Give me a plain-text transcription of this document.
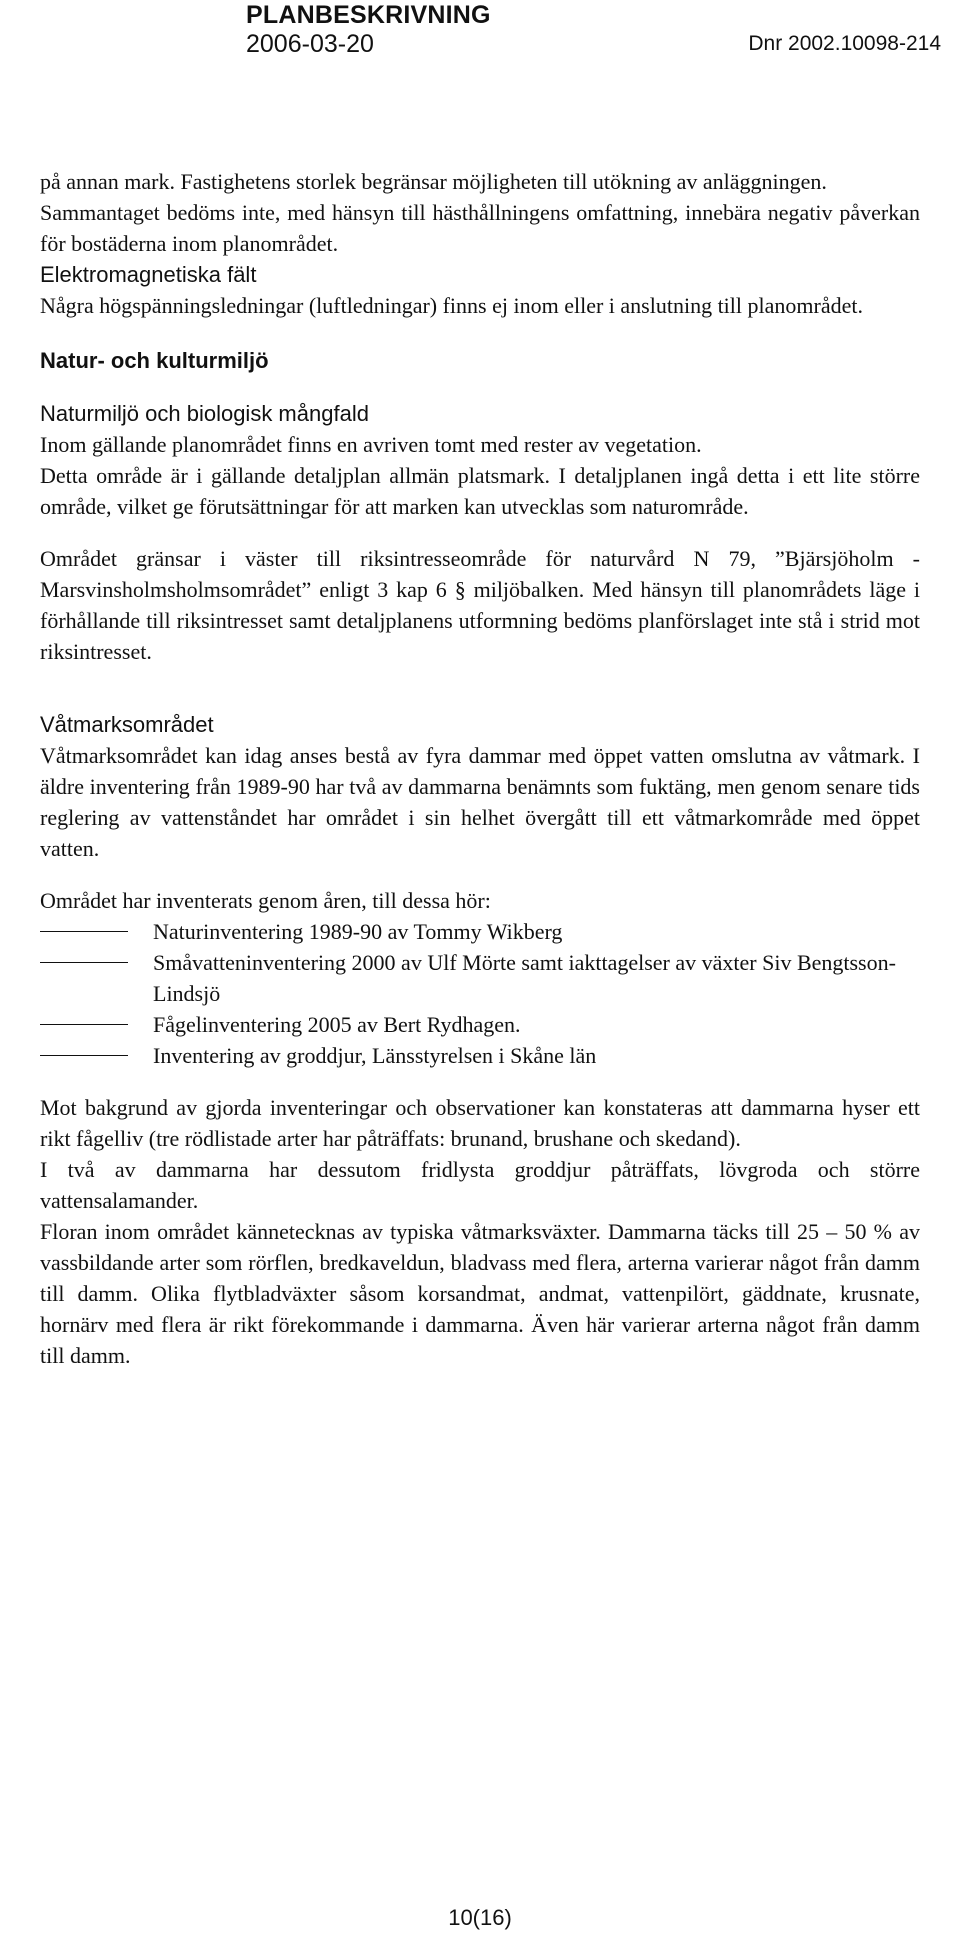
PLANBESKRIVNING
2006-03-20	Dnr 2002.10098-214

på annan mark. Fastighetens storlek begränsar möjligheten till utökning av anläggningen.

Sammantaget bedöms inte, med hänsyn till hästhållningens omfattning, innebära negativ påverkan för bostäderna inom planområdet.

Elektromagnetiska fält

Några högspänningsledningar (luftledningar) finns ej inom eller i anslutning till planområdet.

Natur- och kulturmiljö

Naturmiljö och biologisk mångfald

Inom gällande planområdet finns en avriven tomt med rester av vegetation.

Detta område är i gällande detaljplan allmän platsmark. I detaljplanen ingå detta i ett lite större område, vilket ge förutsättningar för att marken kan utvecklas som naturområde.

Området gränsar i väster till riksintresseområde för naturvård N 79, ”Bjärsjöholm - Marsvinsholmsholmsområdet” enligt 3 kap 6 § miljöbalken. Med hänsyn till planområdets läge i förhållande till riksintresset samt detaljplanens utformning bedöms planförslaget inte stå i strid mot riksintresset.

Våtmarksområdet

Våtmarksområdet kan idag anses bestå av fyra dammar med öppet vatten omslutna av våtmark. I äldre inventering från 1989-90 har två av dammarna benämnts som fuktäng, men genom senare tids reglering av vattenståndet har området i sin helhet övergått till ett våtmarkområde med öppet vatten.

Området har inventerats genom åren, till dessa hör:

Naturinventering 1989-90 av Tommy Wikberg
Småvatteninventering 2000 av Ulf Mörte samt iakttagelser av växter Siv Bengtsson-Lindsjö
Fågelinventering 2005 av Bert Rydhagen.
Inventering av groddjur, Länsstyrelsen i Skåne län

Mot bakgrund av gjorda inventeringar och observationer kan konstateras att dammarna hyser ett rikt fågelliv (tre rödlistade arter har påträffats: brunand, brushane och skedand).

I två av dammarna har dessutom fridlysta groddjur påträffats, lövgroda och större vattensalamander.

Floran inom området kännetecknas av typiska våtmarksväxter. Dammarna täcks till 25 – 50 % av vassbildande arter som rörflen, bredkaveldun, bladvass med flera, arterna varierar något från damm till damm. Olika flytbladväxter såsom korsandmat, andmat, vattenpilört, gäddnate, krusnate, hornärv med flera är rikt förekommande i dammarna. Även här varierar arterna något från damm till damm.

10(16)
